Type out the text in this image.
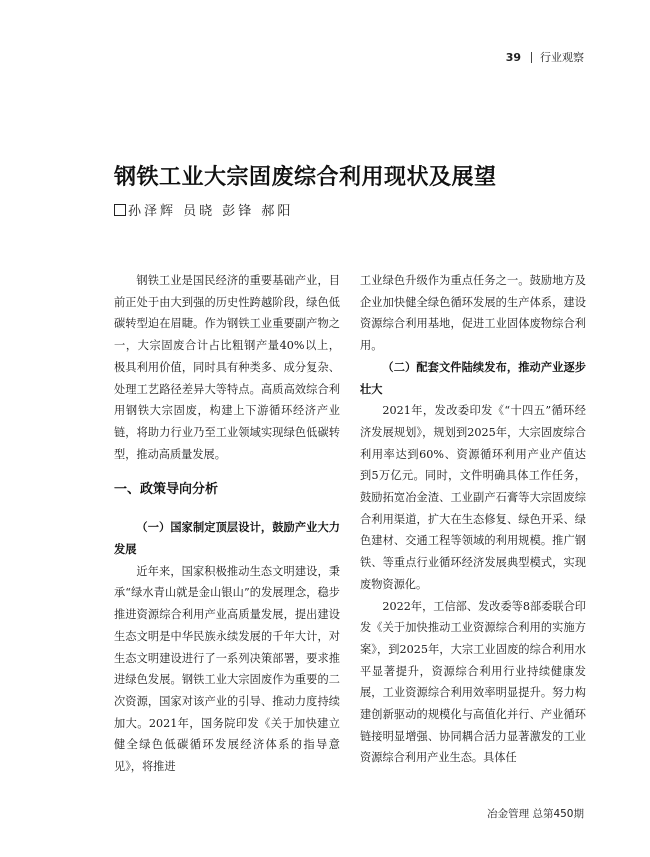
39 行业观察
钢铁工业大宗固废综合利用现状及展望
孙泽辉 员晓 彭锋 郝阳

钢铁工业是国民经济的重要基础产业，目前正处于由大到强的历史性跨越阶段，绿色低碳转型迫在眉睫。作为钢铁工业重要副产物之一，大宗固废合计占比粗钢产量40%以上，极具利用价值，同时具有种类多、成分复杂、处理工艺路径差异大等特点。高质高效综合利用钢铁大宗固废，构建上下游循环经济产业链，将助力行业乃至工业领域实现绿色低碳转型，推动高质量发展。

一、政策导向分析
（一）国家制定顶层设计，鼓励产业大力发展

近年来，国家积极推动生态文明建设，秉承“绿水青山就是金山银山”的发展理念，稳步推进资源综合利用产业高质量发展，提出建设生态文明是中华民族永续发展的千年大计，对生态文明建设进行了一系列决策部署，要求推进绿色发展。钢铁工业大宗固废作为重要的二次资源，国家对该产业的引导、推动力度持续加大。2021年，国务院印发《关于加快建立健全绿色低碳循环发展经济体系的指导意见》，将推进

工业绿色升级作为重点任务之一。鼓励地方及企业加快健全绿色循环发展的生产体系，建设资源综合利用基地，促进工业固体废物综合利用。

（二）配套文件陆续发布，推动产业逐步壮大

2021年，发改委印发《“十四五”循环经济发展规划》，规划到2025年，大宗固废综合利用率达到60%、资源循环利用产业产值达到5万亿元。同时，文件明确具体工作任务，鼓励拓宽冶金渣、工业副产石膏等大宗固废综合利用渠道，扩大在生态修复、绿色开采、绿色建材、交通工程等领域的利用规模。推广钢铁、等重点行业循环经济发展典型模式，实现废物资源化。

2022年，工信部、发改委等8部委联合印发《关于加快推动工业资源综合利用的实施方案》，到2025年，大宗工业固废的综合利用水平显著提升，资源综合利用行业持续健康发展，工业资源综合利用效率明显提升。努力构建创新驱动的规模化与高值化并行、产业循环链接明显增强、协同耦合活力显著激发的工业资源综合利用产业生态。具体任

冶金管理 总第450期
